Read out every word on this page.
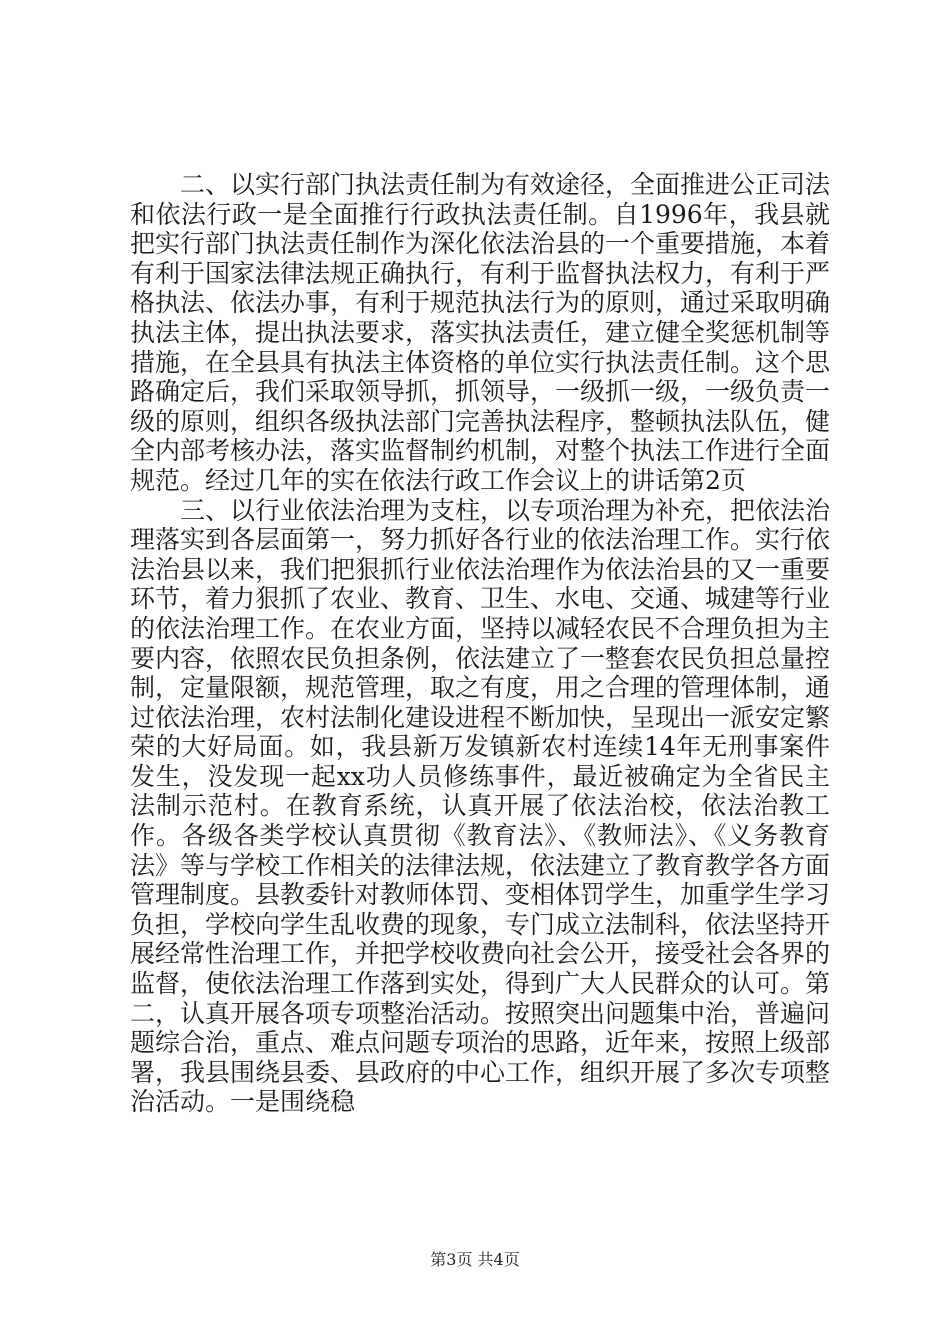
二、以实行部门执法责任制为有效途径，全面推进公正司法和依法行政一是全面推行行政执法责任制。自1996年，我县就把实行部门执法责任制作为深化依法治县的一个重要措施，本着有利于国家法律法规正确执行，有利于监督执法权力，有利于严格执法、依法办事，有利于规范执法行为的原则，通过采取明确执法主体，提出执法要求，落实执法责任，建立健全奖惩机制等措施，在全县具有执法主体资格的单位实行执法责任制。这个思路确定后，我们采取领导抓，抓领导，一级抓一级，一级负责一级的原则，组织各级执法部门完善执法程序，整顿执法队伍，健全内部考核办法，落实监督制约机制，对整个执法工作进行全面规范。经过几年的实在依法行政工作会议上的讲话第2页

三、以行业依法治理为支柱，以专项治理为补充，把依法治理落实到各层面第一，努力抓好各行业的依法治理工作。实行依法治县以来，我们把狠抓行业依法治理作为依法治县的又一重要环节，着力狠抓了农业、教育、卫生、水电、交通、城建等行业的依法治理工作。在农业方面，坚持以减轻农民不合理负担为主要内容，依照农民负担条例，依法建立了一整套农民负担总量控制，定量限额，规范管理，取之有度，用之合理的管理体制，通过依法治理，农村法制化建设进程不断加快，呈现出一派安定繁荣的大好局面。如，我县新万发镇新农村连续14年无刑事案件发生，没发现一起xx功人员修练事件，最近被确定为全省民主法制示范村。在教育系统，认真开展了依法治校，依法治教工作。各级各类学校认真贯彻《教育法》、《教师法》、《义务教育法》等与学校工作相关的法律法规，依法建立了教育教学各方面管理制度。县教委针对教师体罚、变相体罚学生，加重学生学习负担，学校向学生乱收费的现象，专门成立法制科，依法坚持开展经常性治理工作，并把学校收费向社会公开，接受社会各界的监督，使依法治理工作落到实处，得到广大人民群众的认可。第二，认真开展各项专项整治活动。按照突出问题集中治，普遍问题综合治，重点、难点问题专项治的思路，近年来，按照上级部署，我县围绕县委、县政府的中心工作，组织开展了多次专项整治活动。一是围绕稳

第3页 共4页
